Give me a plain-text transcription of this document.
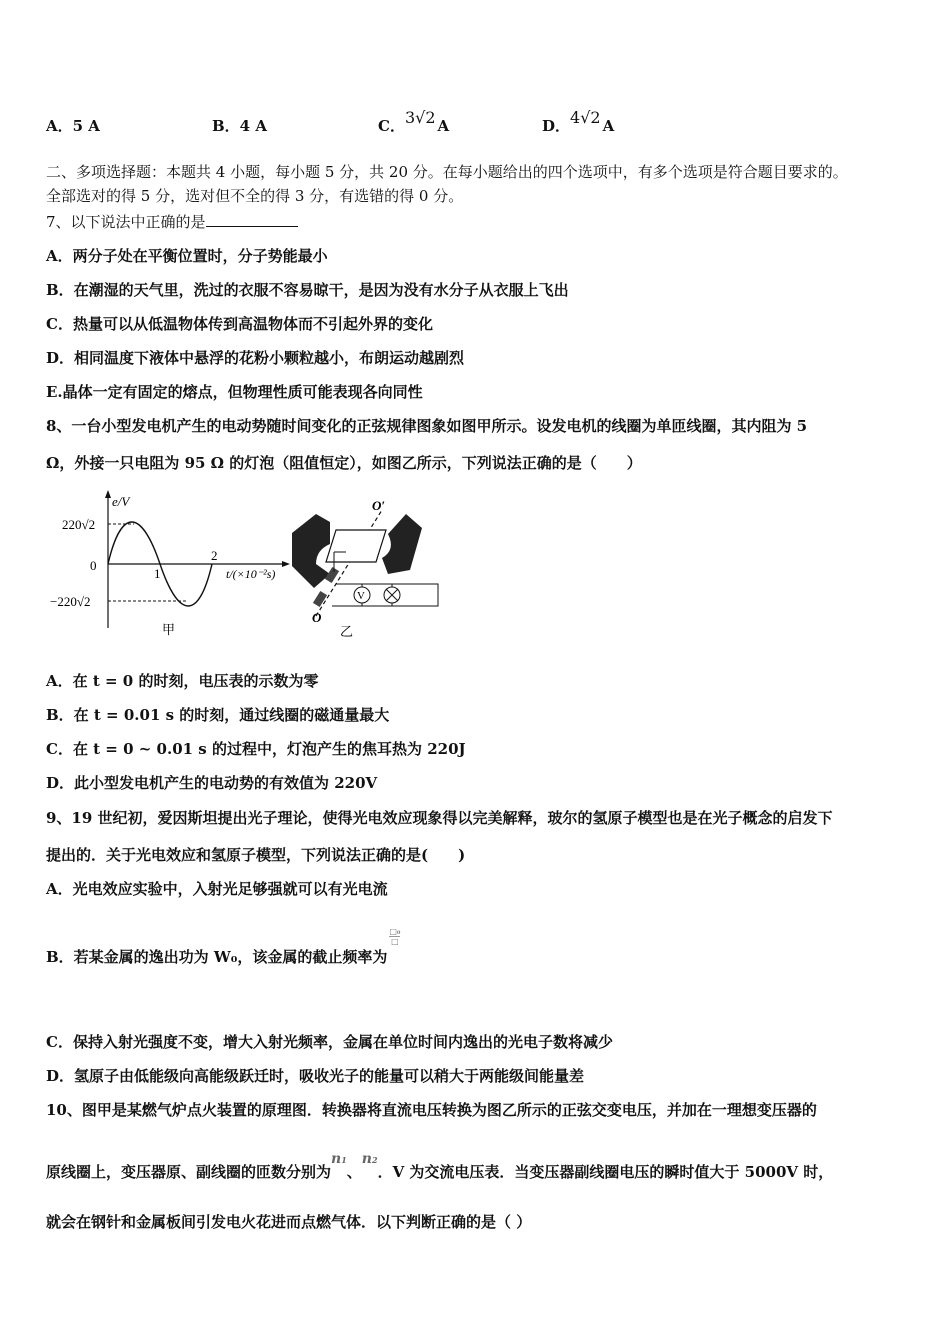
A．5 A	B．4 A	C．3√2 A	D．4√2 A
二、多项选择题：本题共 4 小题，每小题 5 分，共 20 分。在每小题给出的四个选项中，有多个选项是符合题目要求的。
全部选对的得 5 分，选对但不全的得 3 分，有选错的得 0 分。
7、以下说法中正确的是
A．两分子处在平衡位置时，分子势能最小
B．在潮湿的天气里，洗过的衣服不容易晾干，是因为没有水分子从衣服上飞出
C．热量可以从低温物体传到高温物体而不引起外界的变化
D．相同温度下液体中悬浮的花粉小颗粒越小，布朗运动越剧烈
E.晶体一定有固定的熔点，但物理性质可能表现各向同性
8、一台小型发电机产生的电动势随时间变化的正弦规律图象如图甲所示。设发电机的线圈为单匝线圈，其内阻为 5
Ω，外接一只电阻为 95 Ω 的灯泡（阻值恒定），如图乙所示，下列说法正确的是（　　）
e/V
220√2
0
1
2
t/(×10⁻²s)
−220√2
甲
V
O′
O
乙
A．在 t = 0 的时刻，电压表的示数为零
B．在 t = 0.01 s 的时刻，通过线圈的磁通量最大
C．在 t = 0 ~ 0.01 s 的过程中，灯泡产生的焦耳热为 220J
D．此小型发电机产生的电动势的有效值为 220V
9、19 世纪初，爱因斯坦提出光子理论，使得光电效应现象得以完美解释，玻尔的氢原子模型也是在光子概念的启发下
提出的．关于光电效应和氢原子模型，下列说法正确的是(　　)
A．光电效应实验中，入射光足够强就可以有光电流
B．若某金属的逸出功为 W₀，该金属的截止频率为
$\frac{\text{□₀}}{□}$
C．保持入射光强度不变，增大入射光频率，金属在单位时间内逸出的光电子数将减少
D．氢原子由低能级向高能级跃迁时，吸收光子的能量可以稍大于两能级间能量差
10、图甲是某燃气炉点火装置的原理图．转换器将直流电压转换为图乙所示的正弦交变电压，并加在一理想变压器的
原线圈上，变压器原、副线圈的匝数分别为n1、n2．V 为交流电压表．当变压器副线圈电压的瞬时值大于 5000V 时，
就会在钢针和金属板间引发电火花进而点燃气体．以下判断正确的是（ ）
